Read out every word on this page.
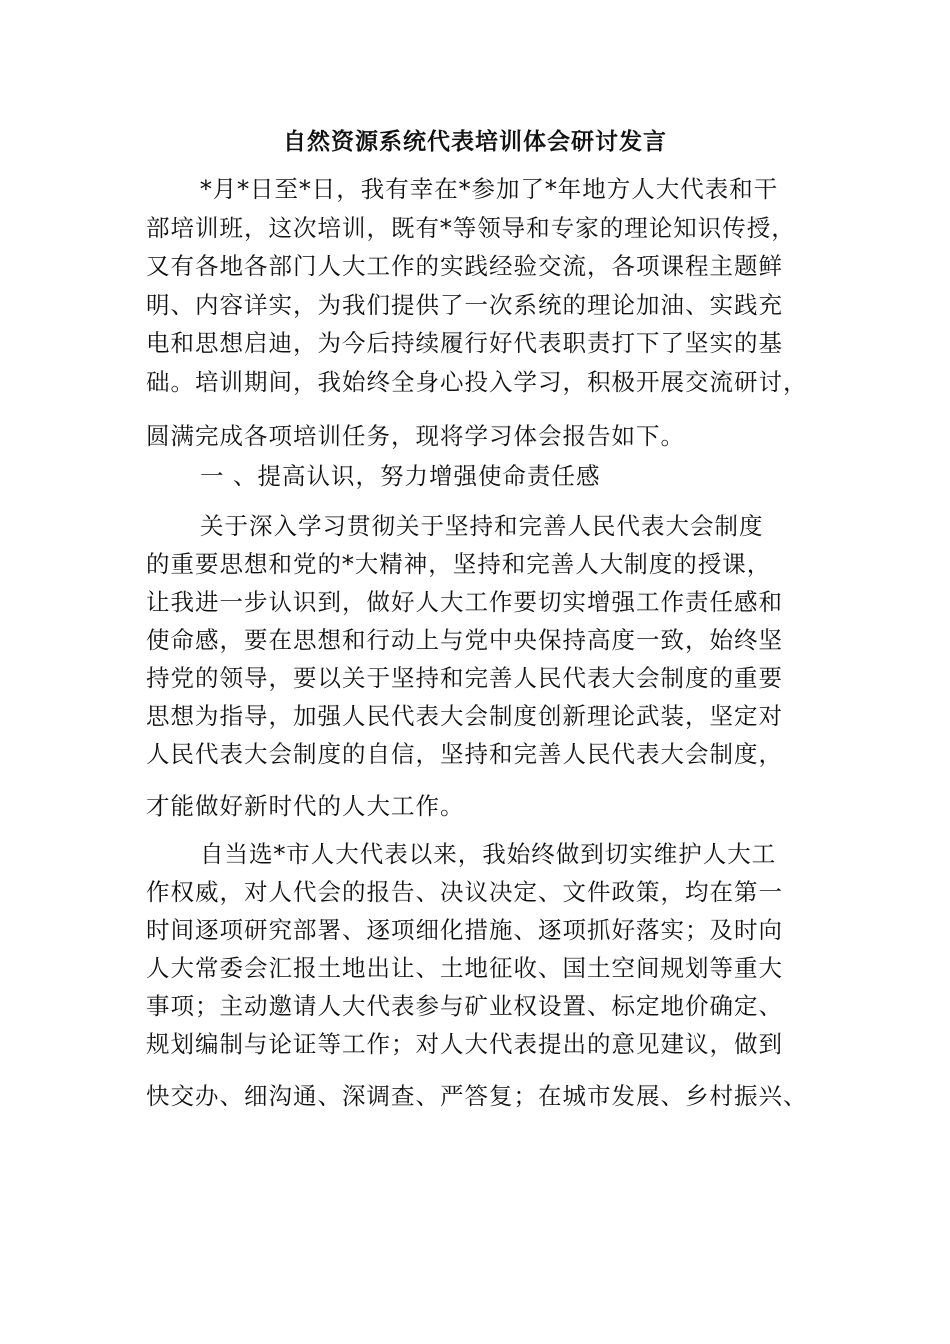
自然资源系统代表培训体会研讨发言
*月*日至*日，我有幸在*参加了*年地方人大代表和干
部培训班，这次培训，既有*等领导和专家的理论知识传授，
又有各地各部门人大工作的实践经验交流，各项课程主题鲜
明、内容详实，为我们提供了一次系统的理论加油、实践充
电和思想启迪，为今后持续履行好代表职责打下了坚实的基
础。培训期间，我始终全身心投入学习，积极开展交流研讨，
圆满完成各项培训任务，现将学习体会报告如下。
一 、提高认识，努力增强使命责任感
关于深入学习贯彻关于坚持和完善人民代表大会制度
的重要思想和党的*大精神，坚持和完善人大制度的授课，
让我进一步认识到，做好人大工作要切实增强工作责任感和
使命感，要在思想和行动上与党中央保持高度一致，始终坚
持党的领导，要以关于坚持和完善人民代表大会制度的重要
思想为指导，加强人民代表大会制度创新理论武装，坚定对
人民代表大会制度的自信，坚持和完善人民代表大会制度，
才能做好新时代的人大工作。
自当选*市人大代表以来，我始终做到切实维护人大工
作权威，对人代会的报告、决议决定、文件政策，均在第一
时间逐项研究部署、逐项细化措施、逐项抓好落实；及时向
人大常委会汇报土地出让、土地征收、国土空间规划等重大
事项；主动邀请人大代表参与矿业权设置、标定地价确定、
规划编制与论证等工作；对人大代表提出的意见建议，做到
快交办、细沟通、深调查、严答复；在城市发展、乡村振兴、
